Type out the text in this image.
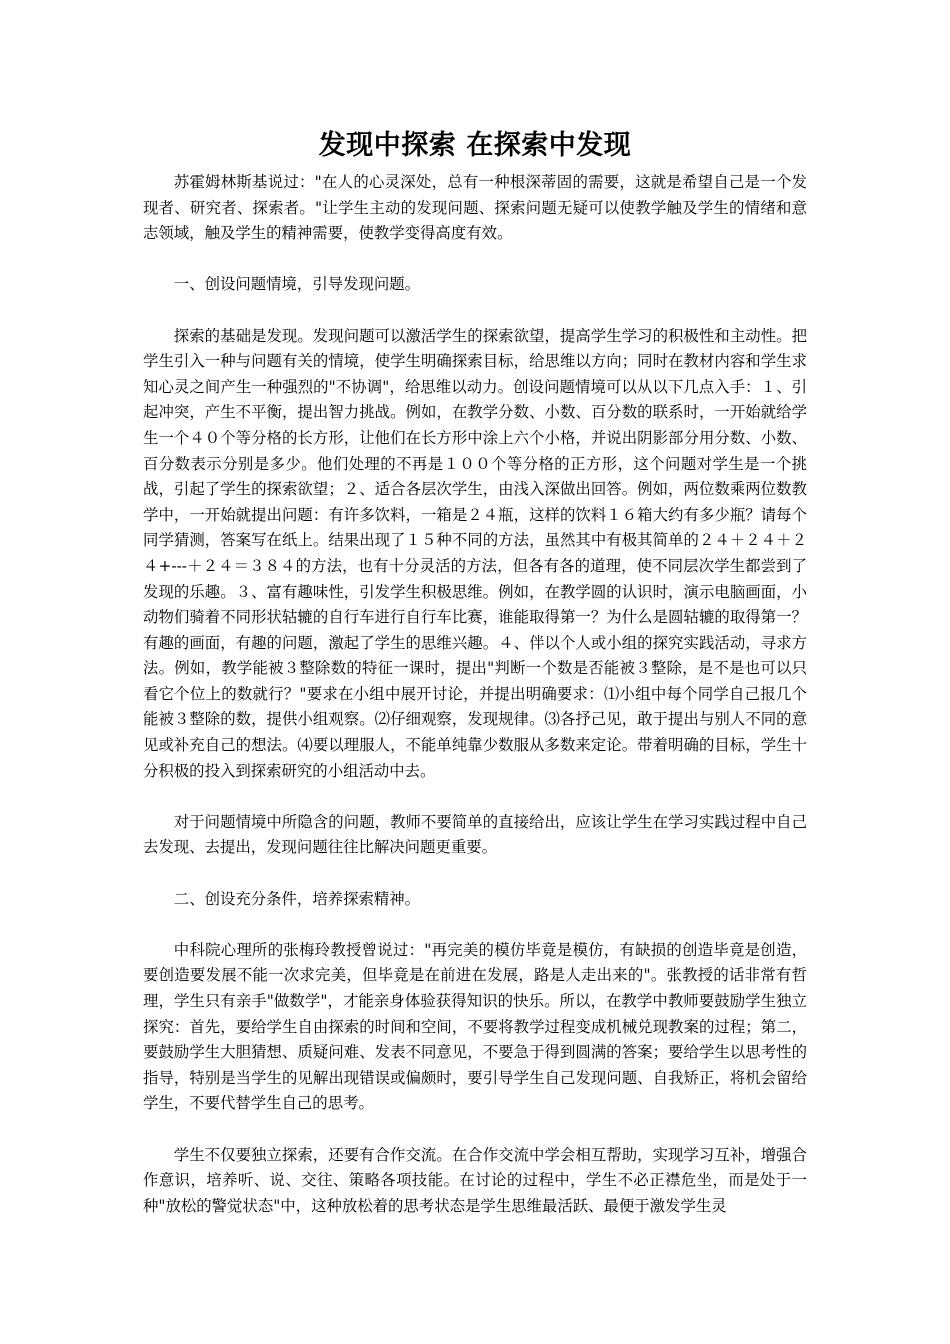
发现中探索 在探索中发现

苏霍姆林斯基说过："在人的心灵深处，总有一种根深蒂固的需要，这就是希望自己是一个发现者、研究者、探索者。"让学生主动的发现问题、探索问题无疑可以使教学触及学生的情绪和意志领域，触及学生的精神需要，使教学变得高度有效。

一、创设问题情境，引导发现问题。

探索的基础是发现。发现问题可以激活学生的探索欲望，提高学生学习的积极性和主动性。把学生引入一种与问题有关的情境，使学生明确探索目标，给思维以方向；同时在教材内容和学生求知心灵之间产生一种强烈的"不协调"，给思维以动力。创设问题情境可以从以下几点入手：１、引起冲突，产生不平衡，提出智力挑战。例如，在教学分数、小数、百分数的联系时，一开始就给学生一个４０个等分格的长方形，让他们在长方形中涂上六个小格，并说出阴影部分用分数、小数、百分数表示分别是多少。他们处理的不再是１００个等分格的正方形，这个问题对学生是一个挑战，引起了学生的探索欲望；２、适合各层次学生，由浅入深做出回答。例如，两位数乘两位数教学中，一开始就提出问题：有许多饮料，一箱是２４瓶，这样的饮料１６箱大约有多少瓶？请每个同学猜测，答案写在纸上。结果出现了１５种不同的方法，虽然其中有极其简单的２４＋２４＋２４+---＋２４＝３８４的方法，也有十分灵活的方法，但各有各的道理，使不同层次学生都尝到了发现的乐趣。３、富有趣味性，引发学生积极思维。例如，在教学圆的认识时，演示电脑画面，小动物们骑着不同形状轱辘的自行车进行自行车比赛，谁能取得第一？为什么是圆轱辘的取得第一？有趣的画面，有趣的问题，激起了学生的思维兴趣。４、伴以个人或小组的探究实践活动，寻求方法。例如，教学能被３整除数的特征一课时，提出"判断一个数是否能被３整除，是不是也可以只看它个位上的数就行？"要求在小组中展开讨论，并提出明确要求：⑴小组中每个同学自己报几个能被３整除的数，提供小组观察。⑵仔细观察，发现规律。⑶各抒己见，敢于提出与别人不同的意见或补充自己的想法。⑷要以理服人，不能单纯靠少数服从多数来定论。带着明确的目标，学生十分积极的投入到探索研究的小组活动中去。

对于问题情境中所隐含的问题，教师不要简单的直接给出，应该让学生在学习实践过程中自己去发现、去提出，发现问题往往比解决问题更重要。

二、创设充分条件，培养探索精神。

中科院心理所的张梅玲教授曾说过："再完美的模仿毕竟是模仿，有缺损的创造毕竟是创造，要创造要发展不能一次求完美，但毕竟是在前进在发展，路是人走出来的"。张教授的话非常有哲理，学生只有亲手"做数学"，才能亲身体验获得知识的快乐。所以，在教学中教师要鼓励学生独立探究：首先，要给学生自由探索的时间和空间，不要将教学过程变成机械兑现教案的过程；第二，要鼓励学生大胆猜想、质疑问难、发表不同意见，不要急于得到圆满的答案；要给学生以思考性的指导，特别是当学生的见解出现错误或偏颇时，要引导学生自己发现问题、自我矫正，将机会留给学生，不要代替学生自己的思考。

学生不仅要独立探索，还要有合作交流。在合作交流中学会相互帮助，实现学习互补，增强合作意识，培养听、说、交往、策略各项技能。在讨论的过程中，学生不必正襟危坐，而是处于一种"放松的警觉状态"中，这种放松着的思考状态是学生思维最活跃、最便于激发学生灵
